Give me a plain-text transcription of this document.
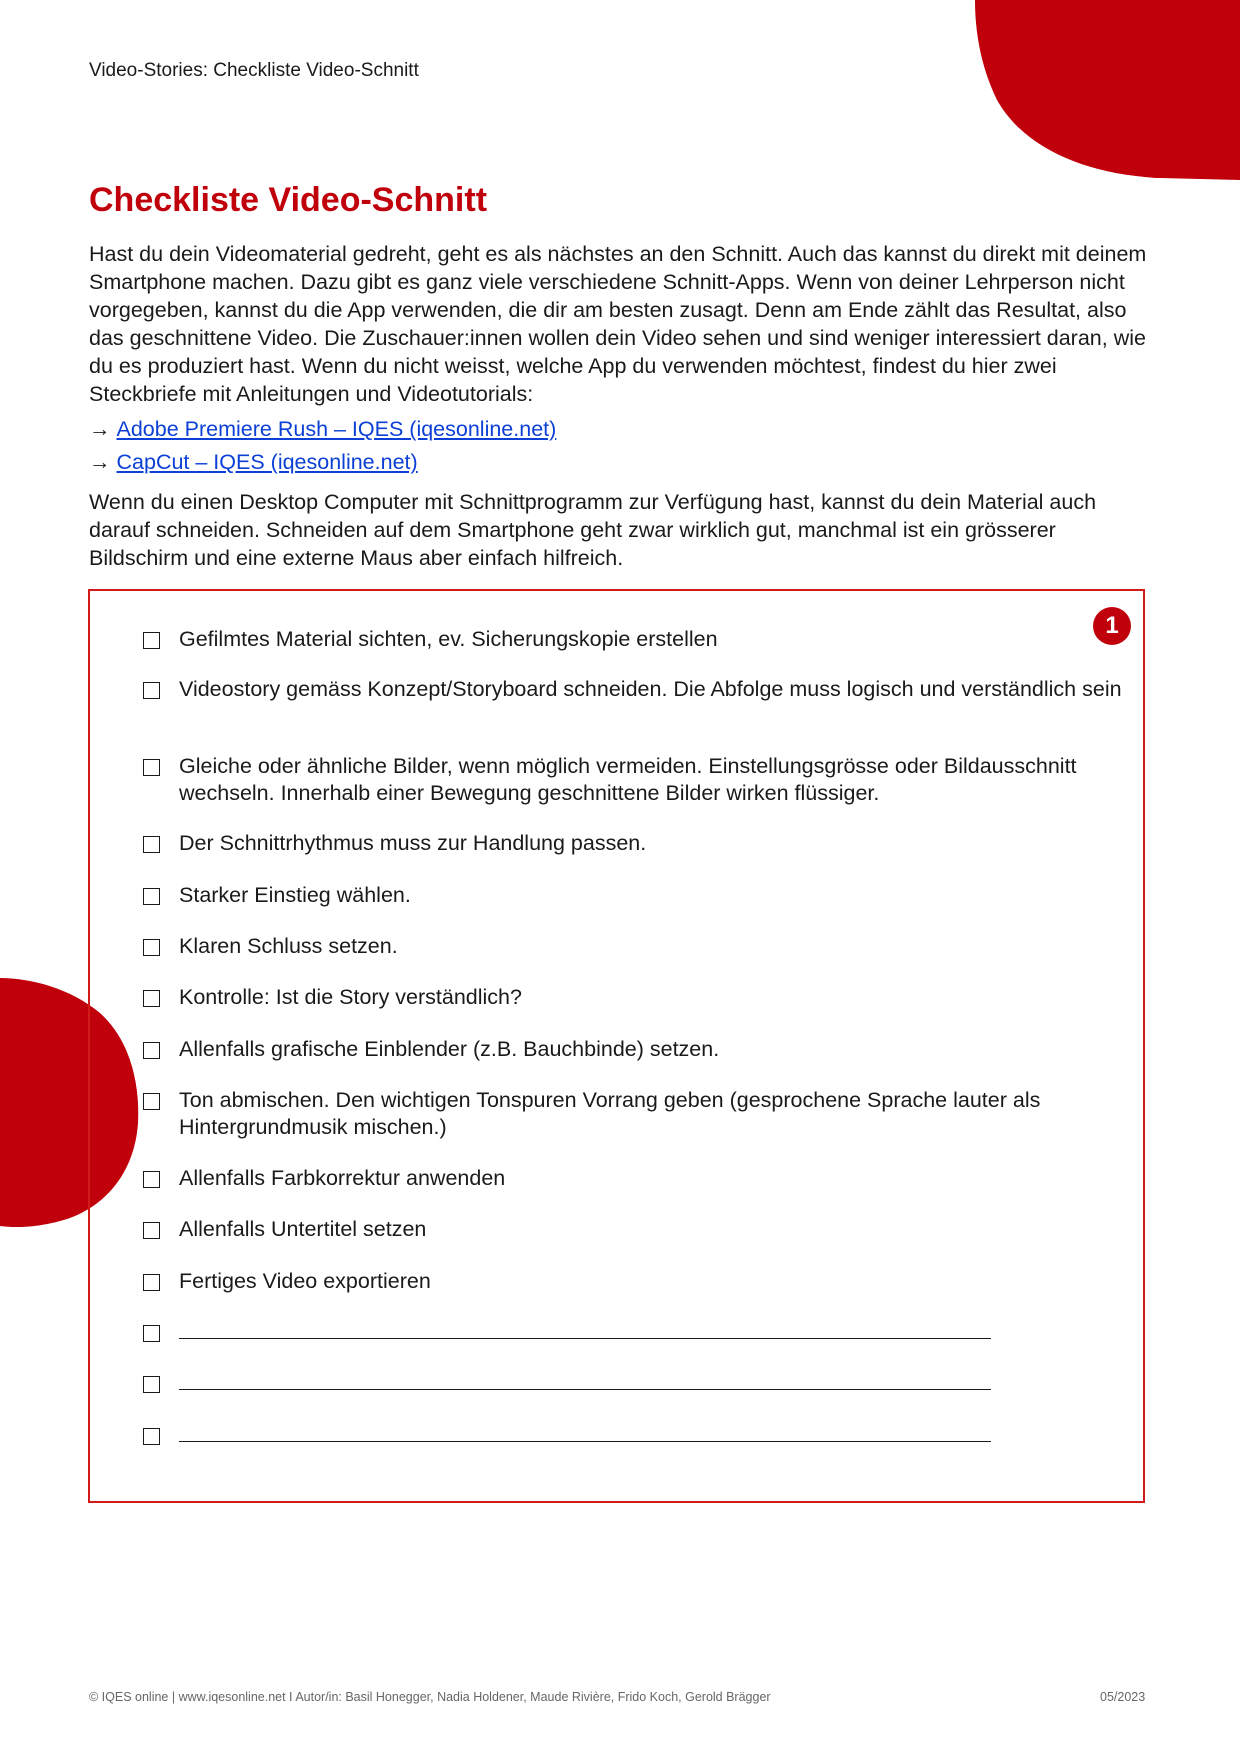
Video-Stories: Checkliste Video-Schnitt
Checkliste Video-Schnitt

Hast du dein Videomaterial gedreht, geht es als nächstes an den Schnitt. Auch das kannst du direkt mit deinem Smartphone machen. Dazu gibt es ganz viele verschiedene Schnitt-Apps. Wenn von deiner Lehrperson nicht vorgegeben, kannst du die App verwenden, die dir am besten zusagt. Denn am Ende zählt das Resultat, also das geschnittene Video. Die Zuschauer:innen wollen dein Video sehen und sind weniger interessiert daran, wie du es produziert hast. Wenn du nicht weisst, welche App du verwenden möchtest, findest du hier zwei Steckbriefe mit Anleitungen und Videotutorials:

→ Adobe Premiere Rush – IQES (iqesonline.net)
→ CapCut – IQES (iqesonline.net)

Wenn du einen Desktop Computer mit Schnittprogramm zur Verfügung hast, kannst du dein Material auch darauf schneiden. Schneiden auf dem Smartphone geht zwar wirklich gut, manchmal ist ein grösserer Bildschirm und eine externe Maus aber einfach hilfreich.

1
Gefilmtes Material sichten, ev. Sicherungskopie erstellen
Videostory gemäss Konzept/Storyboard schneiden. Die Abfolge muss logisch und verständlich sein
Gleiche oder ähnliche Bilder, wenn möglich vermeiden. Einstellungsgrösse oder Bildausschnitt wechseln. Innerhalb einer Bewegung geschnittene Bilder wirken flüssiger.
Der Schnittrhythmus muss zur Handlung passen.
Starker Einstieg wählen.
Klaren Schluss setzen.
Kontrolle: Ist die Story verständlich?
Allenfalls grafische Einblender (z.B. Bauchbinde) setzen.
Ton abmischen. Den wichtigen Tonspuren Vorrang geben (gesprochene Sprache lauter als Hintergrundmusik mischen.)
Allenfalls Farbkorrektur anwenden
Allenfalls Untertitel setzen
Fertiges Video exportieren
© IQES online | www.iqesonline.net I Autor/in: Basil Honegger, Nadia Holdener, Maude Rivière, Frido Koch, Gerold Brägger	05/2023
